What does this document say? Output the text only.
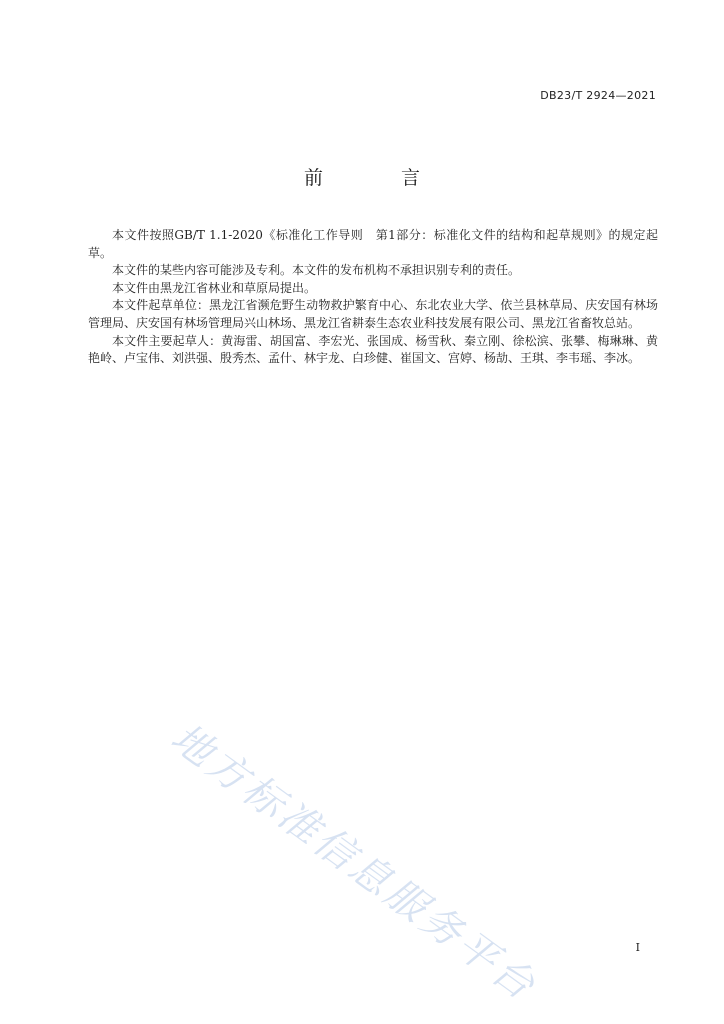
DB23/T 2924—2021
前 言

本文件按照GB/T 1.1-2020《标准化工作导则　第1部分：标准化文件的结构和起草规则》的规定起草。

本文件的某些内容可能涉及专利。本文件的发布机构不承担识别专利的责任。

本文件由黑龙江省林业和草原局提出。

本文件起草单位：黑龙江省濒危野生动物救护繁育中心、东北农业大学、依兰县林草局、庆安国有林场管理局、庆安国有林场管理局兴山林场、黑龙江省耕泰生态农业科技发展有限公司、黑龙江省畜牧总站。

本文件主要起草人：黄海雷、胡国富、李宏光、张国成、杨雪秋、秦立刚、徐松滨、张攀、梅琳琳、黄艳岭、卢宝伟、刘洪强、殷秀杰、孟什、林宇龙、白珍健、崔国文、宫婷、杨劼、王琪、李韦瑶、李冰。

地方标准信息服务平台	I
